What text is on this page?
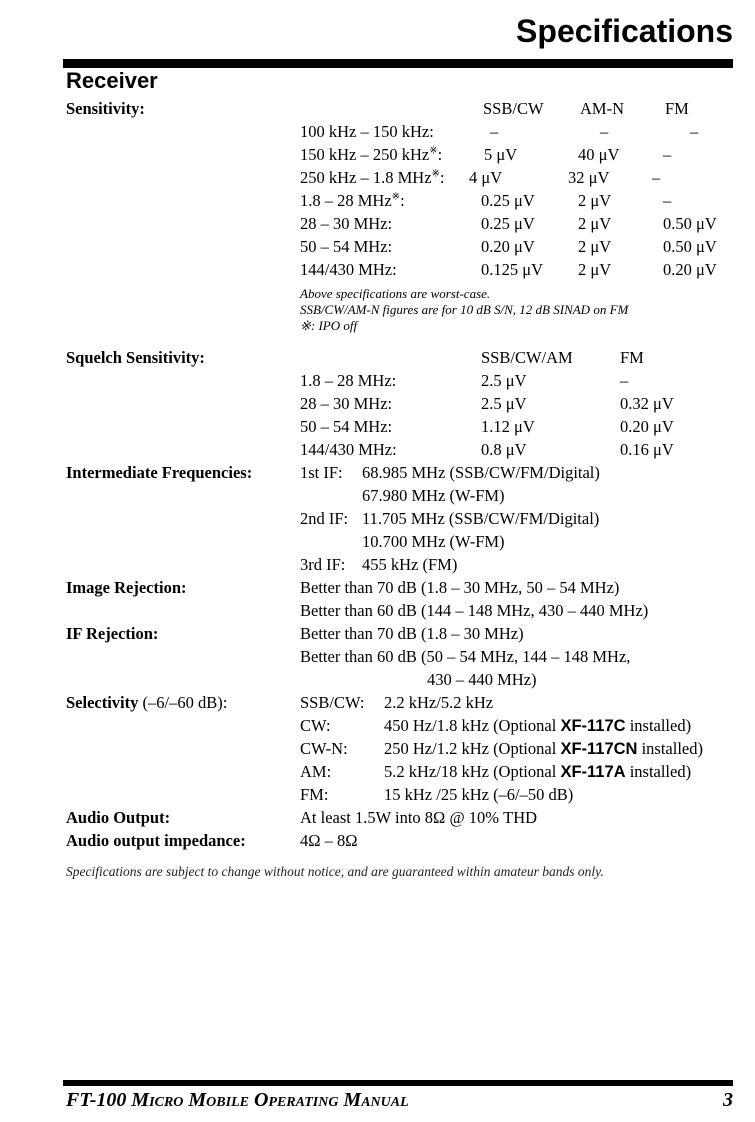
Specifications
Receiver
Sensitivity:	SSB/CW AM-N FM
100 kHz – 150 kHz:	–	–	–
150 kHz – 250 kHz※:	5 μV	40 μV	–
250 kHz – 1.8 MHz※: 4 μV	32 μV	–
1.8 – 28 MHz※:	0.25 μV	2 μV	–
28 – 30 MHz:	0.25 μV	2 μV	0.50 μV
50 – 54 MHz:	0.20 μV	2 μV	0.50 μV
144/430 MHz:	0.125 μV 2 μV	0.20 μV
Above specifications are worst-case.
SSB/CW/AM-N figures are for 10 dB S/N, 12 dB SINAD on FM
※: IPO off
Squelch Sensitivity:	SSB/CW/AM	FM
1.8 – 28 MHz:	2.5 μV	–
28 – 30 MHz:	2.5 μV	0.32 μV
50 – 54 MHz:	1.12 μV	0.20 μV
144/430 MHz:	0.8 μV	0.16 μV
Intermediate Frequencies:	1st IF: 68.985 MHz (SSB/CW/FM/Digital)
67.980 MHz (W-FM)
2nd IF: 11.705 MHz (SSB/CW/FM/Digital)
10.700 MHz (W-FM)
3rd IF: 455 kHz (FM)
Image Rejection:	Better than 70 dB (1.8 – 30 MHz, 50 – 54 MHz)
Better than 60 dB (144 – 148 MHz, 430 – 440 MHz)
IF Rejection:	Better than 70 dB (1.8 – 30 MHz)
Better than 60 dB (50 – 54 MHz, 144 – 148 MHz,
430 – 440 MHz)
Selectivity (–6/–60 dB):	SSB/CW: 2.2 kHz/5.2 kHz
CW:	450 Hz/1.8 kHz (Optional XF-117C installed)
CW-N: 250 Hz/1.2 kHz (Optional XF-117CN installed)
AM:	5.2 kHz/18 kHz (Optional XF-117A installed)
FM:	15 kHz /25 kHz (–6/–50 dB)
Audio Output:	At least 1.5W into 8Ω @ 10% THD
Audio output impedance:	4Ω – 8Ω
Specifications are subject to change without notice, and are guaranteed within amateur bands only.
FT-100 Micro Mobile Operating Manual	3
